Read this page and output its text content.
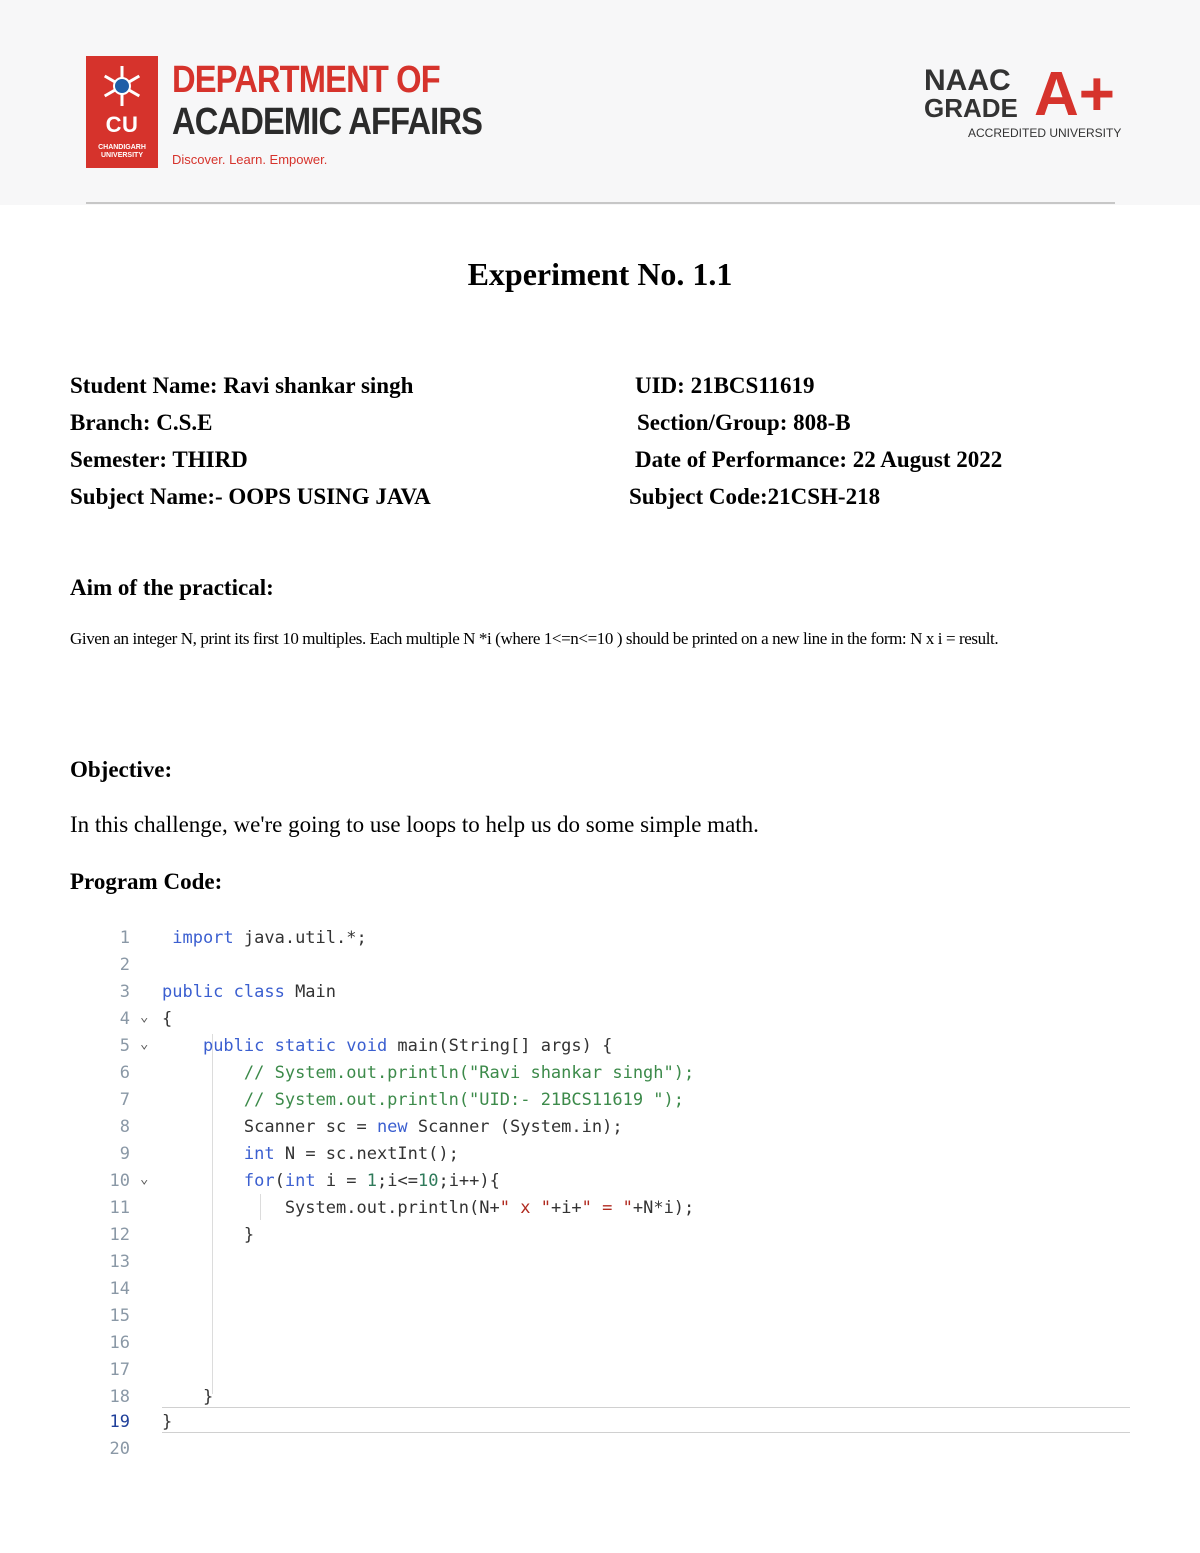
CU
CHANDIGARH UNIVERSITY
DEPARTMENT OF
ACADEMIC AFFAIRS
Discover. Learn. Empower.
NAAC
GRADE A+
ACCREDITED UNIVERSITY
Experiment No. 1.1
Student Name: Ravi shankar singh	UID: 21BCS11619
Branch: C.S.E	Section/Group: 808-B
Semester: THIRD	Date of Performance: 22 August 2022
Subject Name:- OOPS USING JAVA	Subject Code:21CSH-218
Aim of the practical:
Given an integer N, print its first 10 multiples. Each multiple N *i (where 1<=n<=10 ) should be printed on a new line in the form: N x i = result.
Objective:
In this challenge, we're going to use loops to help us do some simple math.
Program Code:
1 import java.util.*;
2
3 public class Main
4 ⌄ {
5 ⌄	public static void main(String[] args) {
6	// System.out.println("Ravi shankar singh");
7	// System.out.println("UID:- 21BCS11619 ");
8 Scanner sc = new Scanner (System.in);
9	int N = sc.nextInt();
10 ⌄	for(int i = 1;i<=10;i++){
11 System.out.println(N+" x "+i+" = "+N*i);
12 }
13
14
15
16
17
18 }
19 }
20
